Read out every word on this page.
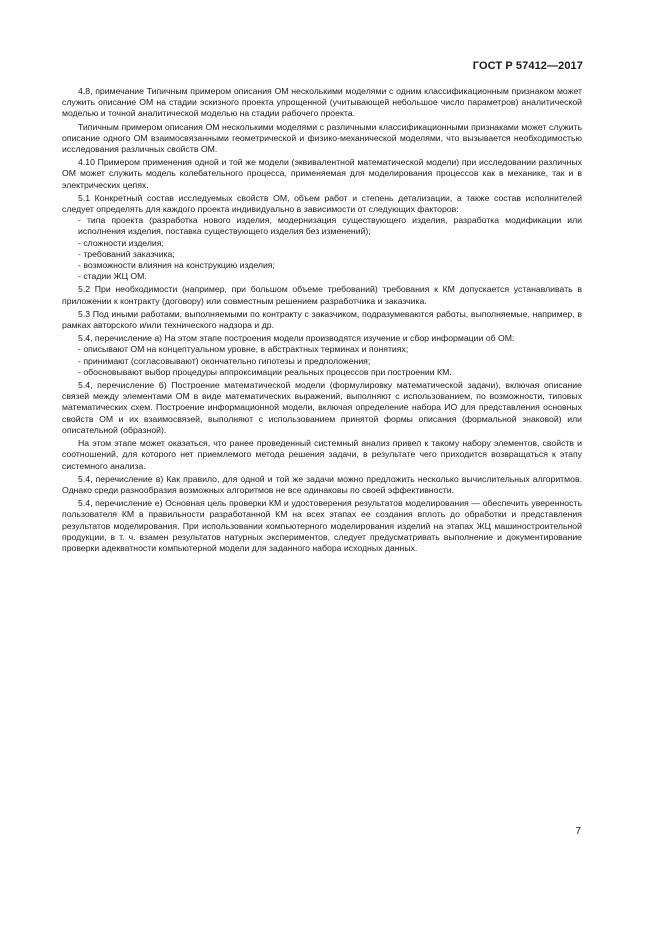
ГОСТ Р 57412—2017

4.8, примечание Типичным примером описания ОМ несколькими моделями с одним классификационным признаком может служить описание ОМ на стадии эскизного проекта упрощенной (учитывающей небольшое число параметров) аналитической моделью и точной аналитической моделью на стадии рабочего проекта.

Типичным примером описания ОМ несколькими моделями с различными классификационными признаками может служить описание одного ОМ взаимосвязанными геометрической и физико-механической моделями, что вызывается необходимостью исследования различных свойств ОМ.

4.10 Примером применения одной и той же модели (эквивалентной математической модели) при исследовании различных ОМ может служить модель колебательного процесса, применяемая для моделирования процессов как в механике, так и в электрических цепях.

5.1 Конкретный состав исследуемых свойств ОМ, объем работ и степень детализации, а также состав исполнителей следует определять для каждого проекта индивидуально в зависимости от следующих факторов:

- типа проекта (разработка нового изделия, модернизация существующего изделия, разработка модификации или исполнения изделия, поставка существующего изделия без изменений);
- сложности изделия;
- требований заказчика;
- возможности влияния на конструкцию изделия;
- стадии ЖЦ ОМ.

5.2 При необходимости (например, при большом объеме требований) требования к КМ допускается устанавливать в приложении к контракту (договору) или совместным решением разработчика и заказчика.

5.3 Под иными работами, выполняемыми по контракту с заказчиком, подразумеваются работы, выполняемые, например, в рамках авторского и/или технического надзора и др.

5.4, перечисление а) На этом этапе построения модели производятся изучение и сбор информации об ОМ:

- описывают ОМ на концептуальном уровне, в абстрактных терминах и понятиях;
- принимают (согласовывают) окончательно гипотезы и предположения;
- обосновывают выбор процедуры аппроксимации реальных процессов при построении КМ.

5.4, перечисление б) Построение математической модели (формулировку математической задачи), включая описание связей между элементами ОМ в виде математических выражений, выполняют с использованием, по возможности, типовых математических схем. Построение информационной модели, включая определение набора ИО для представления основных свойств ОМ и их взаимосвязей, выполняют с использованием принятой формы описания (формальной знаковой) или описательной (образной).

На этом этапе может оказаться, что ранее проведенный системный анализ привел к такому набору элементов, свойств и соотношений, для которого нет приемлемого метода решения задачи, в результате чего приходится возвращаться к этапу системного анализа.

5.4, перечисление в) Как правило, для одной и той же задачи можно предложить несколько вычислительных алгоритмов. Однако среди разнообразия возможных алгоритмов не все одинаковы по своей эффективности.

5.4, перечисление е) Основная цель проверки КМ и удостоверения результатов моделирования — обеспечить уверенность пользователя КМ в правильности разработанной КМ на всех этапах ее создания вплоть до обработки и представления результатов моделирования. При использовании компьютерного моделирования изделий на этапах ЖЦ машиностроительной продукции, в т. ч. взамен результатов натурных экспериментов, следует предусматривать выполнение и документирование проверки адекватности компьютерной модели для заданного набора исходных данных.

7
